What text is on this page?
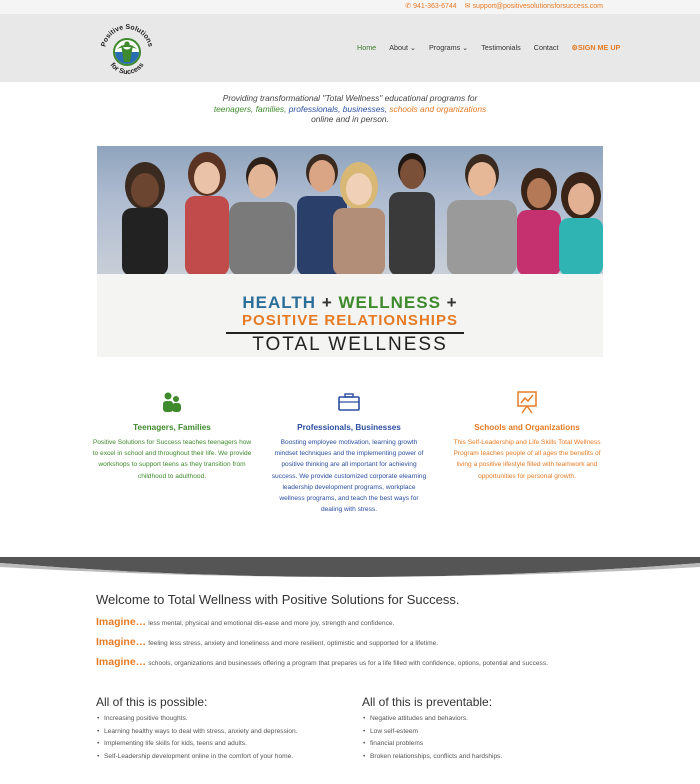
✆ 941-363-6744 ✉ support@positivesolutionsforsuccess.com
Positive Solutions
for Success
Home About ⌄ Programs ⌄ Testimonials Contact ⚙SIGN ME UP
Providing transformational "Total Wellness" educational programs for
teenagers, families, professionals, businesses, schools and organizations
online and in person.
HEALTH + WELLNESS +
POSITIVE RELATIONSHIPS
TOTAL WELLNESS
Teenagers, Families

Positive Solutions for Success teaches teenagers how to excel in school and throughout their life. We provide workshops to support teens as they transition from childhood to adulthood.

Professionals, Businesses

Boosting employee motivation, learning growth mindset techniques and the implementing power of positive thinking are all important for achieving success. We provide customized corporate elearning leadership development programs, workplace wellness programs, and teach the best ways for dealing with stress.

Schools and Organizations

This Self-Leadership and Life Skills Total Wellness Program teaches people of all ages the benefits of living a positive lifestyle filled with teamwork and opportunities for personal growth.

Welcome to Total Wellness with Positive Solutions for Success.
Imagine… less mental, physical and emotional dis-ease and more joy, strength and confidence.
Imagine… feeling less stress, anxiety and loneliness and more resilient, optimistic and supported for a lifetime.
Imagine… schools, organizations and businesses offering a program that prepares us for a life filled with confidence, options, potential and success.
All of this is possible:
• Increasing positive thoughts.
• Learning healthy ways to deal with stress, anxiety and depression.
• Implementing life skills for kids, teens and adults.
• Self-Leadership development online in the comfort of your home.
All of this is preventable:
• Negative attitudes and behaviors.
• Low self-esteem
• financial problems
• Broken relationships, conflicts and hardships.
